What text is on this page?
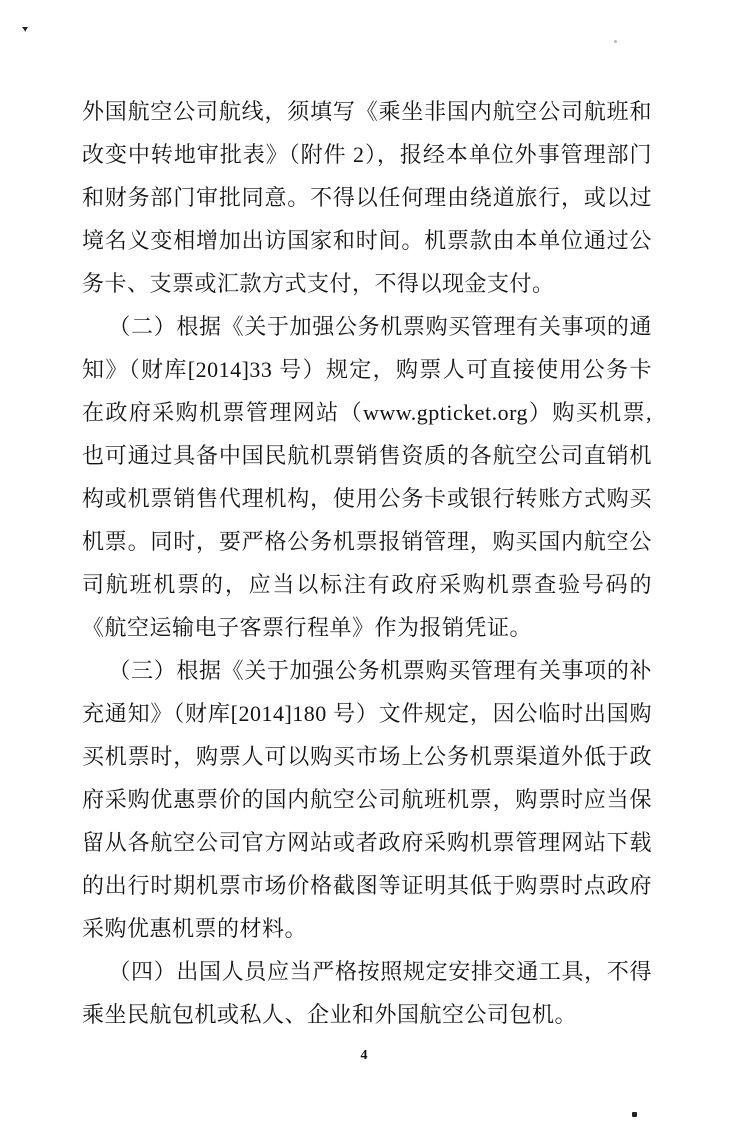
外国航空公司航线，须填写《乘坐非国内航空公司航班和改变中转地审批表》（附件 2），报经本单位外事管理部门和财务部门审批同意。不得以任何理由绕道旅行，或以过境名义变相增加出访国家和时间。机票款由本单位通过公务卡、支票或汇款方式支付，不得以现金支付。

（二）根据《关于加强公务机票购买管理有关事项的通知》（财库[2014]33 号）规定，购票人可直接使用公务卡在政府采购机票管理网站（www.gpticket.org）购买机票,也可通过具备中国民航机票销售资质的各航空公司直销机构或机票销售代理机构，使用公务卡或银行转账方式购买机票。同时，要严格公务机票报销管理，购买国内航空公司航班机票的，应当以标注有政府采购机票查验号码的《航空运输电子客票行程单》作为报销凭证。

（三）根据《关于加强公务机票购买管理有关事项的补充通知》（财库[2014]180 号）文件规定，因公临时出国购买机票时，购票人可以购买市场上公务机票渠道外低于政府采购优惠票价的国内航空公司航班机票，购票时应当保留从各航空公司官方网站或者政府采购机票管理网站下载的出行时期机票市场价格截图等证明其低于购票时点政府采购优惠机票的材料。

（四）出国人员应当严格按照规定安排交通工具，不得乘坐民航包机或私人、企业和外国航空公司包机。

4
